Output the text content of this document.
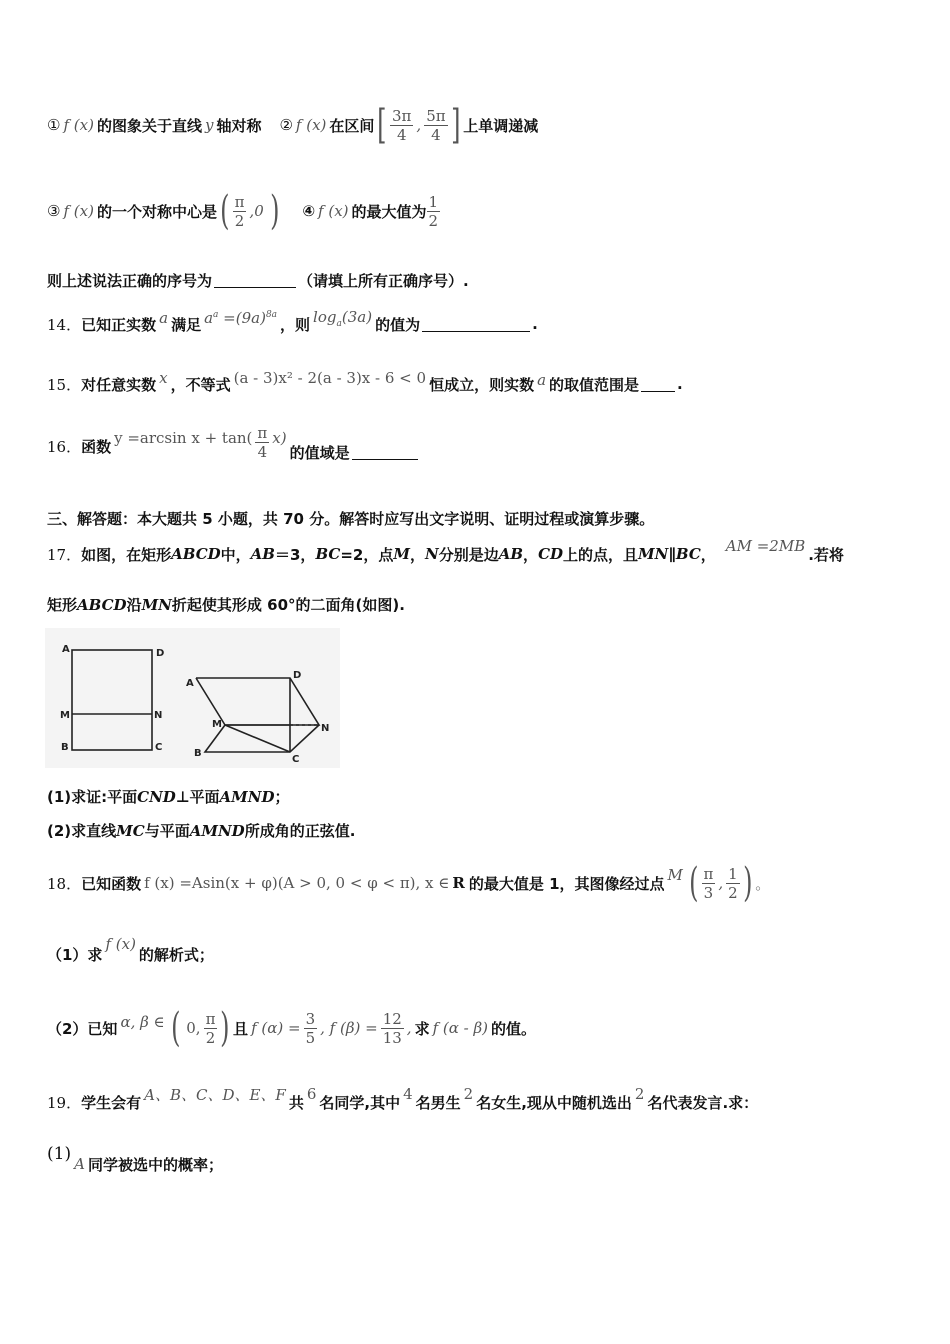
① f (x) 的图象关于直线 y 轴对称 ② f (x) 在区间 [ $\frac{3\pi}{4}$ , $\frac{5\pi}{4}$ ] 上单调递减
③ f (x) 的一个对称中心是 ( $\frac{\pi}{2} ,0$ ) ④ f (x) 的最大值为 $\frac{1}{2}$
则上述说法正确的序号为	（请填上所有正确序号）.
14． 已知正实数 a 满足 $a^a =(9a)^{8a}$
，则 $\log_a(3a)$ 的值为	.
15． 对任意实数 x ，不等式 (a - 3)x² - 2(a - 3)x - 6 < 0 恒成立，则实数 a 的取值范围是	.
16． 函数 y =arcsin $x + \tan( \frac{\pi}{4} x)$
的值域是
三、解答题：本大题共 5 小题，共 70 分。解答时应写出文字说明、证明过程或演算步骤。
17． 如图，在矩形 ABCD 中， AB ＝3， BC =2，点 M ， N 分别是边 AB ， CD 上的点，且 MN ∥ BC ， AM =2MB .若将
矩形 ABCD 沿 MN 折起使其形成 60°的二面角(如图).
A	D
M	N
B	C
A
D
M	N
B
C
(1)求证:平面 CND ⊥平面 AMND ；
(2)求直线 MC 与平面 AMND 所成角的正弦值.
18． 已知函数 f (x) =Asin(x + φ)(A > 0, 0 < φ < π), x ∈ R 的最大值是 1，其图像经过点 M ( $\frac{\pi}{3}$ , $\frac{1}{2}$ ) 。
（1）求
f (x)
的解析式；
（2）已知 α, β ∈ ( 0, $\frac{\pi}{2}$ ) 且 f $(\alpha) = \frac{3}{5}$ , f $(\beta) = \frac{12}{13}$ , 求 f (α - β) 的值。
19． 学生会有 A、B、C、D、E、F 共 6 名同学,其中 4 名男生 2 名女生,现从中随机选出 2 名代表发言.求：
(1) A 同学被选中的概率；
